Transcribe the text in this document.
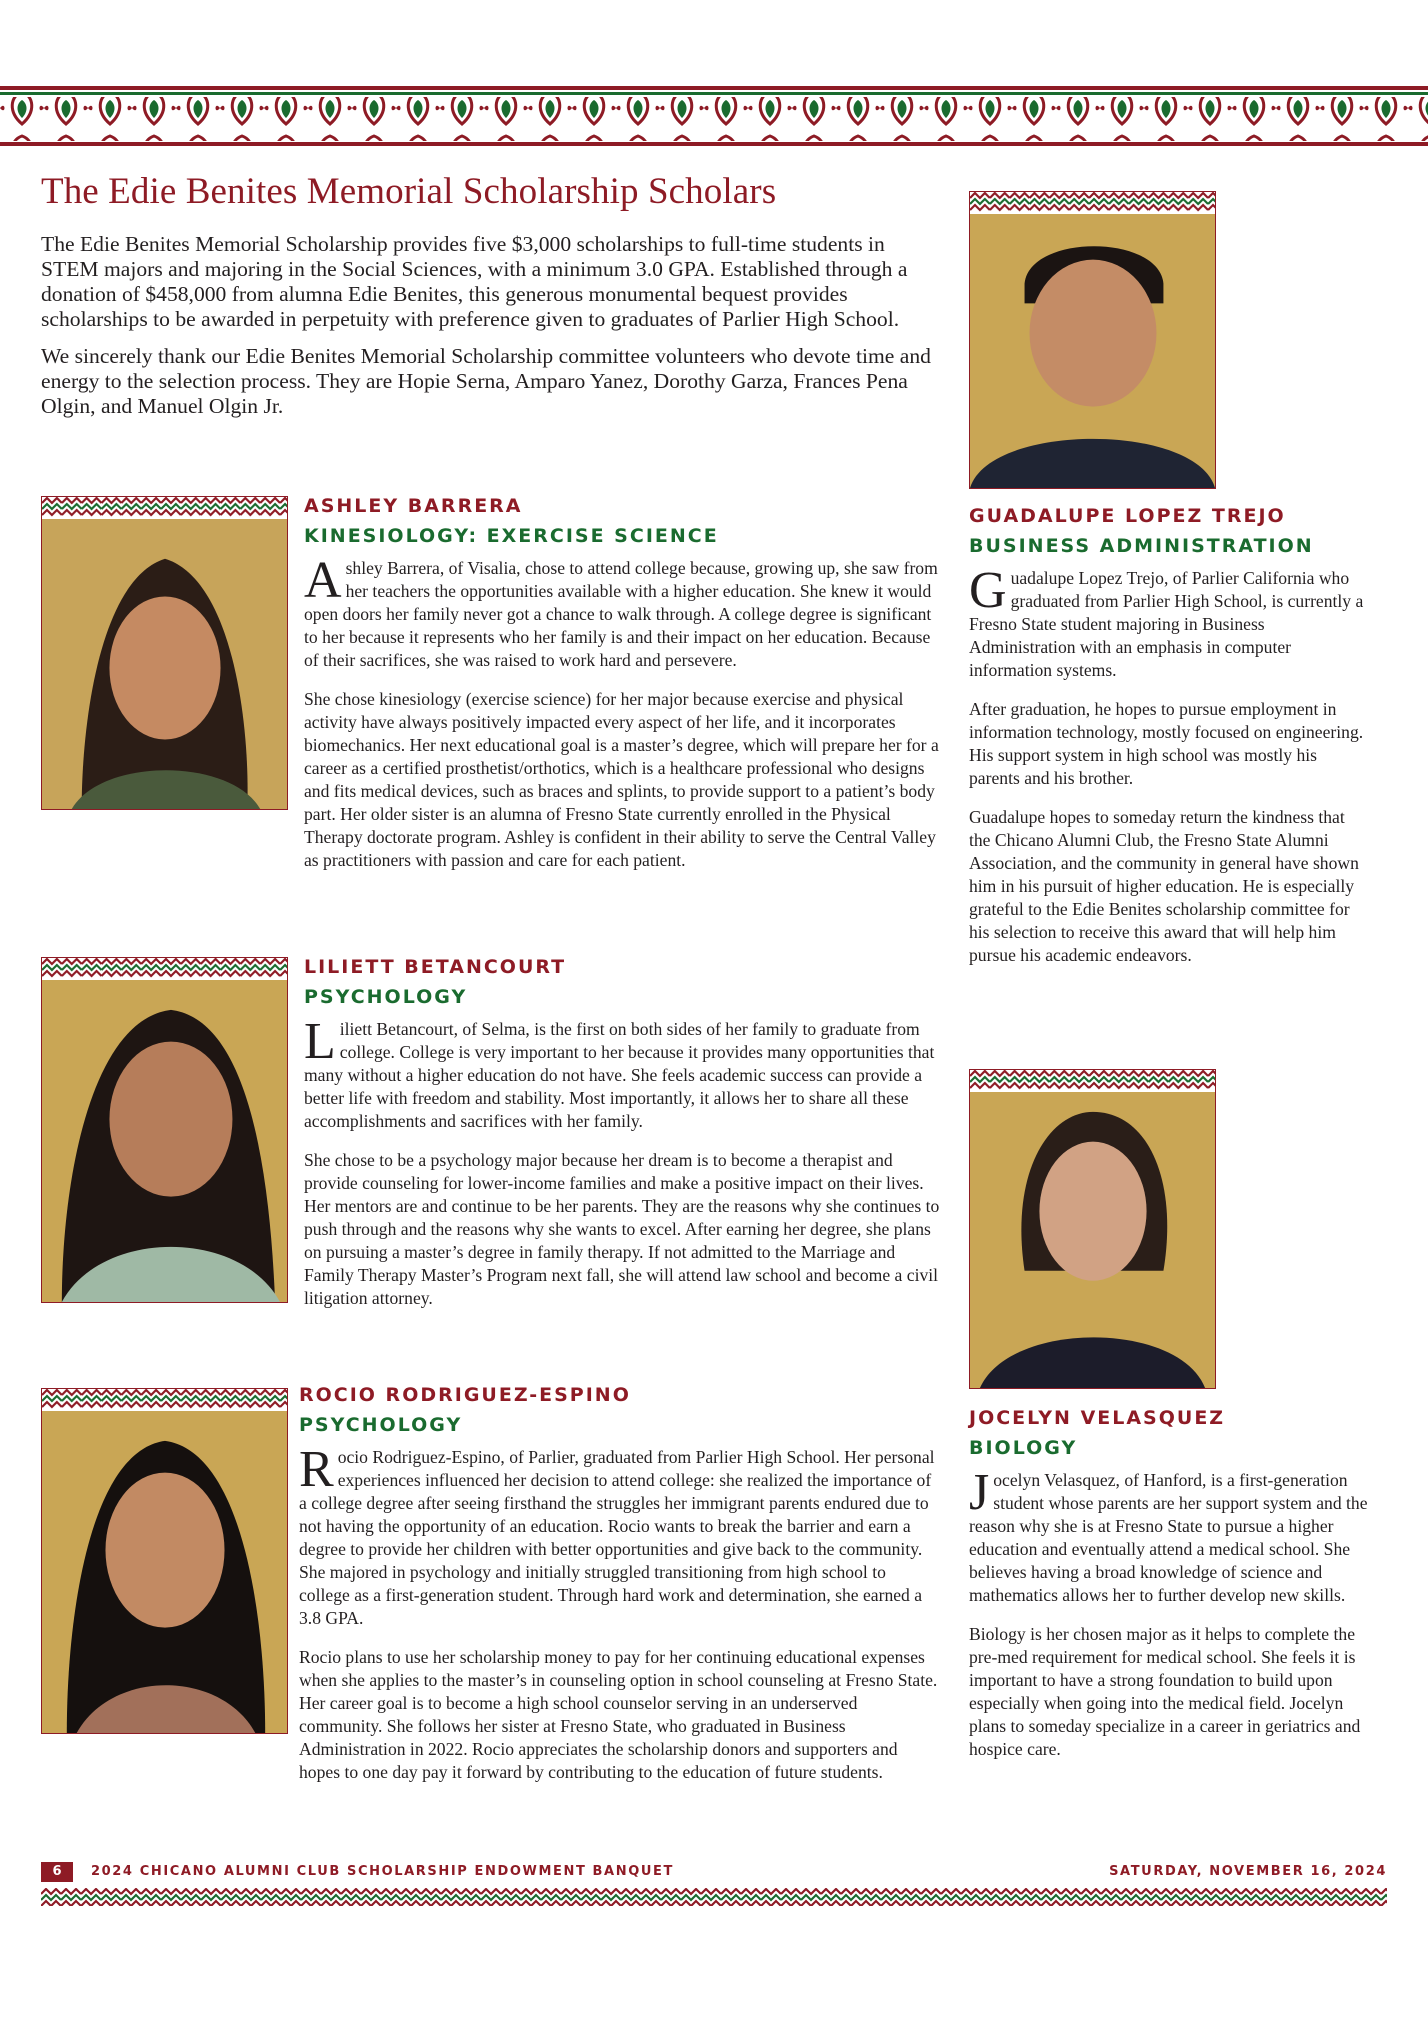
The Edie Benites Memorial Scholarship Scholars

The Edie Benites Memorial Scholarship provides five $3,000 scholarships to full-time students in STEM majors and majoring in the Social Sciences, with a minimum 3.0 GPA. Established through a donation of $458,000 from alumna Edie Benites, this generous monumental bequest provides scholarships to be awarded in perpetuity with preference given to graduates of Parlier High School.

We sincerely thank our Edie Benites Memorial Scholarship committee volunteers who devote time and energy to the selection process. They are Hopie Serna, Amparo Yanez, Dorothy Garza, Frances Pena Olgin, and Manuel Olgin Jr.

ASHLEY BARRERA

KINESIOLOGY: EXERCISE SCIENCE

Ashley Barrera, of Visalia, chose to attend college because, growing up, she saw from her teachers the opportunities available with a higher education. She knew it would open doors her family never got a chance to walk through. A college degree is significant to her because it represents who her family is and their impact on her education. Because of their sacrifices, she was raised to work hard and persevere.

She chose kinesiology (exercise science) for her major because exercise and physical activity have always positively impacted every aspect of her life, and it incorporates biomechanics. Her next educational goal is a master’s degree, which will prepare her for a career as a certified prosthetist/orthotics, which is a healthcare professional who designs and fits medical devices, such as braces and splints, to provide support to a patient’s body part. Her older sister is an alumna of Fresno State currently enrolled in the Physical Therapy doctorate program. Ashley is confident in their ability to serve the Central Valley as practitioners with passion and care for each patient.

LILIETT BETANCOURT

PSYCHOLOGY

Liliett Betancourt, of Selma, is the first on both sides of her family to graduate from college. College is very important to her because it provides many opportunities that many without a higher education do not have. She feels academic success can provide a better life with freedom and stability. Most importantly, it allows her to share all these accomplishments and sacrifices with her family.

She chose to be a psychology major because her dream is to become a therapist and provide counseling for lower-income families and make a positive impact on their lives. Her mentors are and continue to be her parents. They are the reasons why she continues to push through and the reasons why she wants to excel. After earning her degree, she plans on pursuing a master’s degree in family therapy. If not admitted to the Marriage and Family Therapy Master’s Program next fall, she will attend law school and become a civil litigation attorney.

ROCIO RODRIGUEZ-ESPINO

PSYCHOLOGY

Rocio Rodriguez-Espino, of Parlier, graduated from Parlier High School. Her personal experiences influenced her decision to attend college: she realized the importance of a college degree after seeing firsthand the struggles her immigrant parents endured due to not having the opportunity of an education. Rocio wants to break the barrier and earn a degree to provide her children with better opportunities and give back to the community. She majored in psychology and initially struggled transitioning from high school to college as a first-generation student. Through hard work and determination, she earned a 3.8 GPA.

Rocio plans to use her scholarship money to pay for her continuing educational expenses when she applies to the master’s in counseling option in school counseling at Fresno State. Her career goal is to become a high school counselor serving in an underserved community. She follows her sister at Fresno State, who graduated in Business Administration in 2022. Rocio appreciates the scholarship donors and supporters and hopes to one day pay it forward by contributing to the education of future students.

GUADALUPE LOPEZ TREJO

BUSINESS ADMINISTRATION

Guadalupe Lopez Trejo, of Parlier California who graduated from Parlier High School, is currently a Fresno State student majoring in Business Administration with an emphasis in computer information systems.

After graduation, he hopes to pursue employment in information technology, mostly focused on engineering. His support system in high school was mostly his parents and his brother.

Guadalupe hopes to someday return the kindness that the Chicano Alumni Club, the Fresno State Alumni Association, and the community in general have shown him in his pursuit of higher education. He is especially grateful to the Edie Benites scholarship committee for his selection to receive this award that will help him pursue his academic endeavors.

JOCELYN VELASQUEZ

BIOLOGY

Jocelyn Velasquez, of Hanford, is a first-generation student whose parents are her support system and the reason why she is at Fresno State to pursue a higher education and eventually attend a medical school. She believes having a broad knowledge of science and mathematics allows her to further develop new skills.

Biology is her chosen major as it helps to complete the pre-med requirement for medical school. She feels it is important to have a strong foundation to build upon especially when going into the medical field. Jocelyn plans to someday specialize in a career in geriatrics and hospice care.

6	2024 CHICANO ALUMNI CLUB SCHOLARSHIP ENDOWMENT BANQUET	SATURDAY, NOVEMBER 16, 2024
